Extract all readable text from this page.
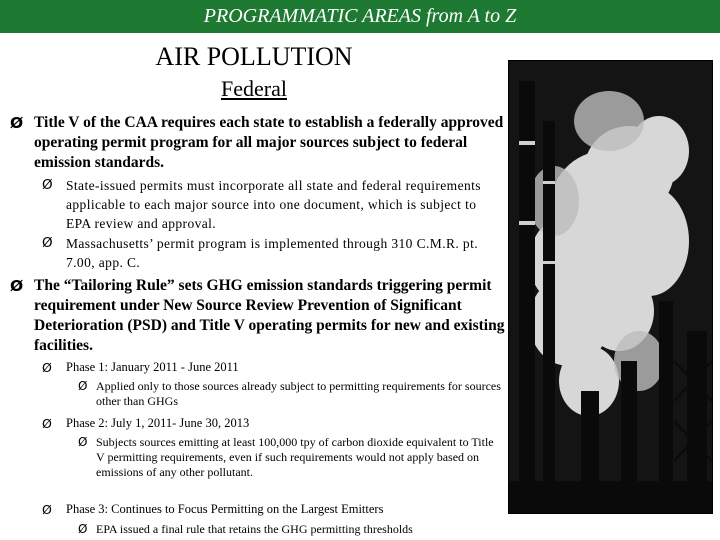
PROGRAMMATIC AREAS from A to Z
AIR POLLUTION
Federal
Ø Title V of the CAA requires each state to establish a federally approved operating permit program for all major sources subject to federal emission standards.
Ø State-issued permits must incorporate all state and federal requirements applicable to each major source into one document, which is subject to EPA review and approval.
Ø Massachusetts’ permit program is implemented through 310 C.M.R. pt. 7.00, app. C.
Ø The “Tailoring Rule” sets GHG emission standards triggering permit requirement under New Source Review Prevention of Significant Deterioration (PSD) and Title V operating permits for new and existing facilities.
Ø	Phase 1: January 2011 - June 2011
Ø Applied only to those sources already subject to permitting requirements for sources other than GHGs
Ø	Phase 2: July 1, 2011- June 30, 2013
Ø Subjects sources emitting at least 100,000 tpy of carbon dioxide equivalent to Title V permitting requirements, even if such requirements would not apply based on emissions of any other pollutant.
Ø	Phase 3: Continues to Focus Permitting on the Largest Emitters
Ø EPA issued a final rule that retains the GHG permitting thresholds
